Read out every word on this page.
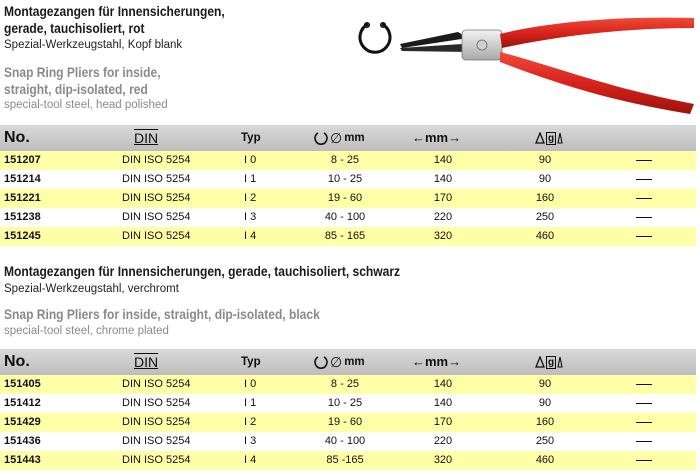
Montagezangen für Innensicherungen,
gerade, tauchisoliert, rot
Spezial-Werkzeugstahl, Kopf blank
Snap Ring Pliers for inside,
straight, dip-isolated, red
special-tool steel, head polished
No.	DIN	Typ	∅ mm	←mm→	g
151207	DIN ISO 5254	I 0	8 - 25	140	90
151214	DIN ISO 5254	I 1	10 - 25	140	90
151221	DIN ISO 5254	I 2	19 - 60	170	160
151238	DIN ISO 5254	I 3	40 - 100	220	250
151245	DIN ISO 5254	I 4	85 - 165	320	460
Montagezangen für Innensicherungen, gerade, tauchisoliert, schwarz
Spezial-Werkzeugstahl, verchromt
Snap Ring Pliers for inside, straight, dip-isolated, black
special-tool steel, chrome plated
No.	DIN	Typ	∅ mm	←mm→	g
151405	DIN ISO 5254	I 0	8 - 25	140	90
151412	DIN ISO 5254	I 1	10 - 25	140	90
151429	DIN ISO 5254	I 2	19 - 60	170	160
151436	DIN ISO 5254	I 3	40 - 100	220	250
151443	DIN ISO 5254	I 4	85 -165	320	460
